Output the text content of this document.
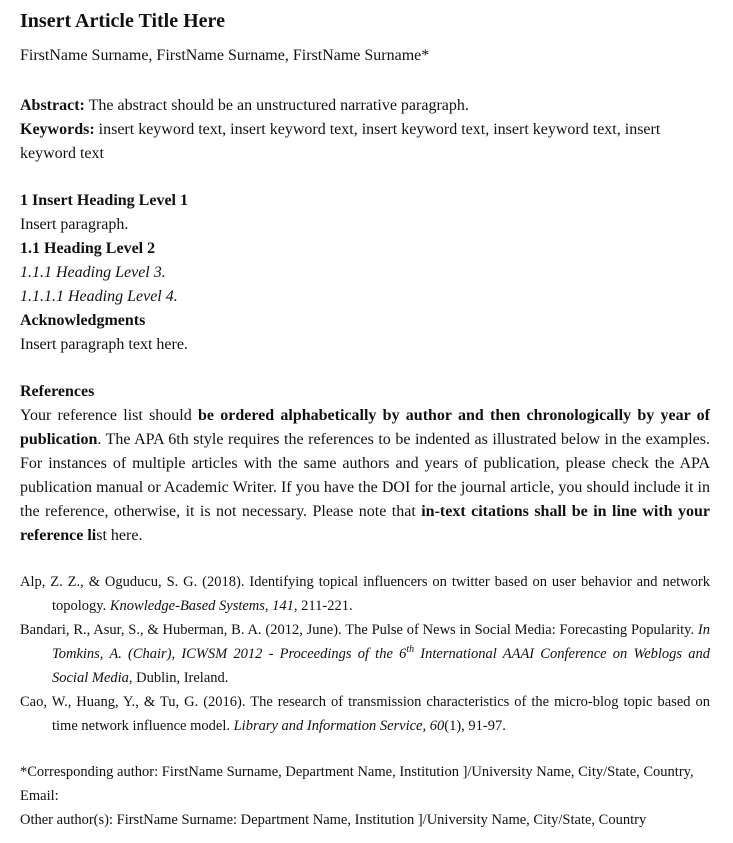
Insert Article Title Here
FirstName Surname, FirstName Surname, FirstName Surname*
Abstract: The abstract should be an unstructured narrative paragraph.
Keywords: insert keyword text, insert keyword text, insert keyword text, insert keyword text, insert keyword text
1 Insert Heading Level 1
Insert paragraph.
1.1 Heading Level 2
1.1.1 Heading Level 3.
1.1.1.1 Heading Level 4.
Acknowledgments
Insert paragraph text here.
References
Your reference list should be ordered alphabetically by author and then chronologically by year of publication. The APA 6th style requires the references to be indented as illustrated below in the examples. For instances of multiple articles with the same authors and years of publication, please check the APA publication manual or Academic Writer. If you have the DOI for the journal article, you should include it in the reference, otherwise, it is not necessary. Please note that in-text citations shall be in line with your reference list here.

Alp, Z. Z., & Oguducu, S. G. (2018). Identifying topical influencers on twitter based on user behavior and network topology. Knowledge-Based Systems, 141, 211-221.

Bandari, R., Asur, S., & Huberman, B. A. (2012, June). The Pulse of News in Social Media: Forecasting Popularity. In Tomkins, A. (Chair), ICWSM 2012 - Proceedings of the 6th International AAAI Conference on Weblogs and Social Media, Dublin, Ireland.

Cao, W., Huang, Y., & Tu, G. (2016). The research of transmission characteristics of the micro-blog topic based on time network influence model. Library and Information Service, 60(1), 91-97.

*Corresponding author: FirstName Surname, Department Name, Institution ]/University Name, City/State, Country, Email:

Other author(s): FirstName Surname: Department Name, Institution ]/University Name, City/State, Country
